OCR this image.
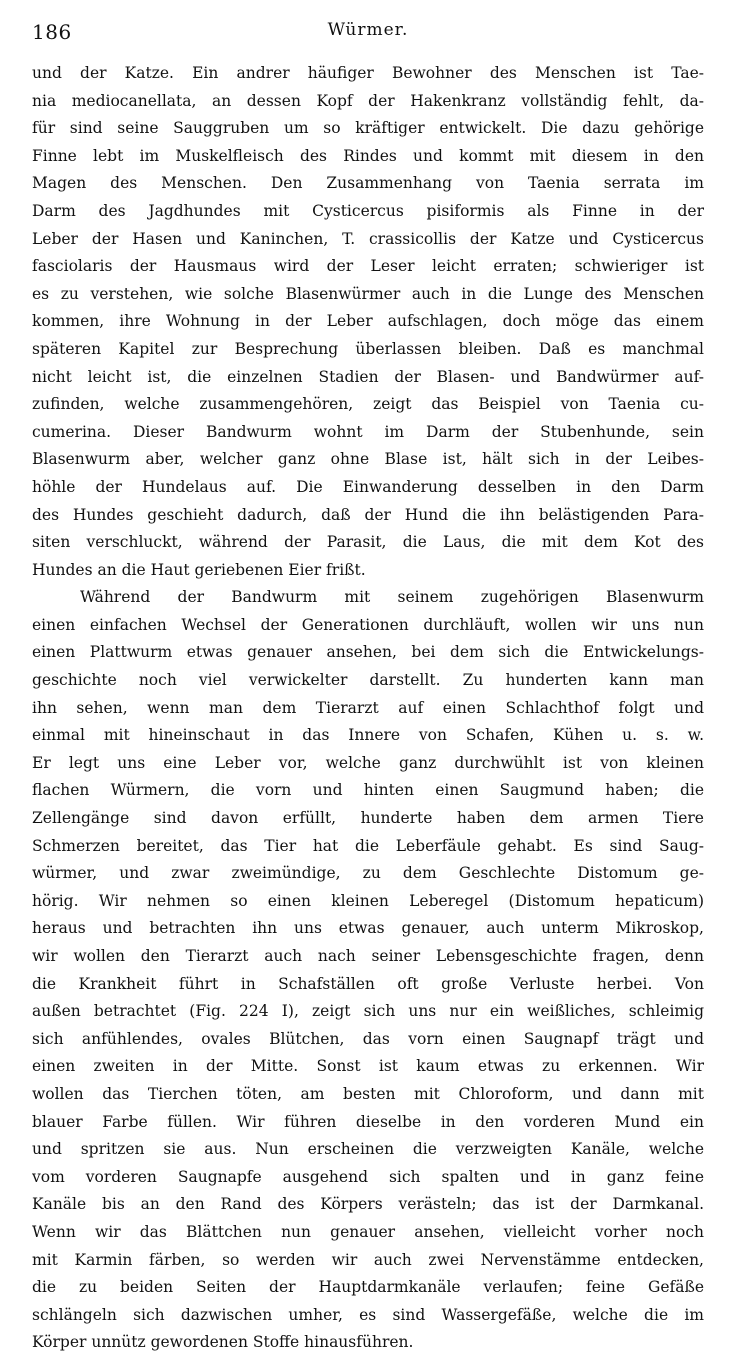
186	Würmer.
und der Katze. Ein andrer häufiger Bewohner des Menschen ist Tae-
nia mediocanellata, an dessen Kopf der Hakenkranz vollständig fehlt, da-
für sind seine Sauggruben um so kräftiger entwickelt. Die dazu gehörige
Finne lebt im Muskelfleisch des Rindes und kommt mit diesem in den
Magen des Menschen. Den Zusammenhang von Taenia serrata im
Darm des Jagdhundes mit Cysticercus pisiformis als Finne in der
Leber der Hasen und Kaninchen, T. crassicollis der Katze und Cysticercus
fasciolaris der Hausmaus wird der Leser leicht erraten; schwieriger ist
es zu verstehen, wie solche Blasenwürmer auch in die Lunge des Menschen
kommen, ihre Wohnung in der Leber aufschlagen, doch möge das einem
späteren Kapitel zur Besprechung überlassen bleiben. Daß es manchmal
nicht leicht ist, die einzelnen Stadien der Blasen- und Bandwürmer auf-
zufinden, welche zusammengehören, zeigt das Beispiel von Taenia cu-
cumerina. Dieser Bandwurm wohnt im Darm der Stubenhunde, sein
Blasenwurm aber, welcher ganz ohne Blase ist, hält sich in der Leibes-
höhle der Hundelaus auf. Die Einwanderung desselben in den Darm
des Hundes geschieht dadurch, daß der Hund die ihn belästigenden Para-
siten verschluckt, während der Parasit, die Laus, die mit dem Kot des
Hundes an die Haut geriebenen Eier frißt.
Während der Bandwurm mit seinem zugehörigen Blasenwurm
einen einfachen Wechsel der Generationen durchläuft, wollen wir uns nun
einen Plattwurm etwas genauer ansehen, bei dem sich die Entwickelungs-
geschichte noch viel verwickelter darstellt. Zu hunderten kann man
ihn sehen, wenn man dem Tierarzt auf einen Schlachthof folgt und
einmal mit hineinschaut in das Innere von Schafen, Kühen u. s. w.
Er legt uns eine Leber vor, welche ganz durchwühlt ist von kleinen
flachen Würmern, die vorn und hinten einen Saugmund haben; die
Zellengänge sind davon erfüllt, hunderte haben dem armen Tiere
Schmerzen bereitet, das Tier hat die Leberfäule gehabt. Es sind Saug-
würmer, und zwar zweimündige, zu dem Geschlechte Distomum ge-
hörig. Wir nehmen so einen kleinen Leberegel (Distomum hepaticum)
heraus und betrachten ihn uns etwas genauer, auch unterm Mikroskop,
wir wollen den Tierarzt auch nach seiner Lebensgeschichte fragen, denn
die Krankheit führt in Schafställen oft große Verluste herbei. Von
außen betrachtet (Fig. 224 I), zeigt sich uns nur ein weißliches, schleimig
sich anfühlendes, ovales Blütchen, das vorn einen Saugnapf trägt und
einen zweiten in der Mitte. Sonst ist kaum etwas zu erkennen. Wir
wollen das Tierchen töten, am besten mit Chloroform, und dann mit
blauer Farbe füllen. Wir führen dieselbe in den vorderen Mund ein
und spritzen sie aus. Nun erscheinen die verzweigten Kanäle, welche
vom vorderen Saugnapfe ausgehend sich spalten und in ganz feine
Kanäle bis an den Rand des Körpers verästeln; das ist der Darmkanal.
Wenn wir das Blättchen nun genauer ansehen, vielleicht vorher noch
mit Karmin färben, so werden wir auch zwei Nervenstämme entdecken,
die zu beiden Seiten der Hauptdarmkanäle verlaufen; feine Gefäße
schlängeln sich dazwischen umher, es sind Wassergefäße, welche die im
Körper unnütz gewordenen Stoffe hinausführen.
